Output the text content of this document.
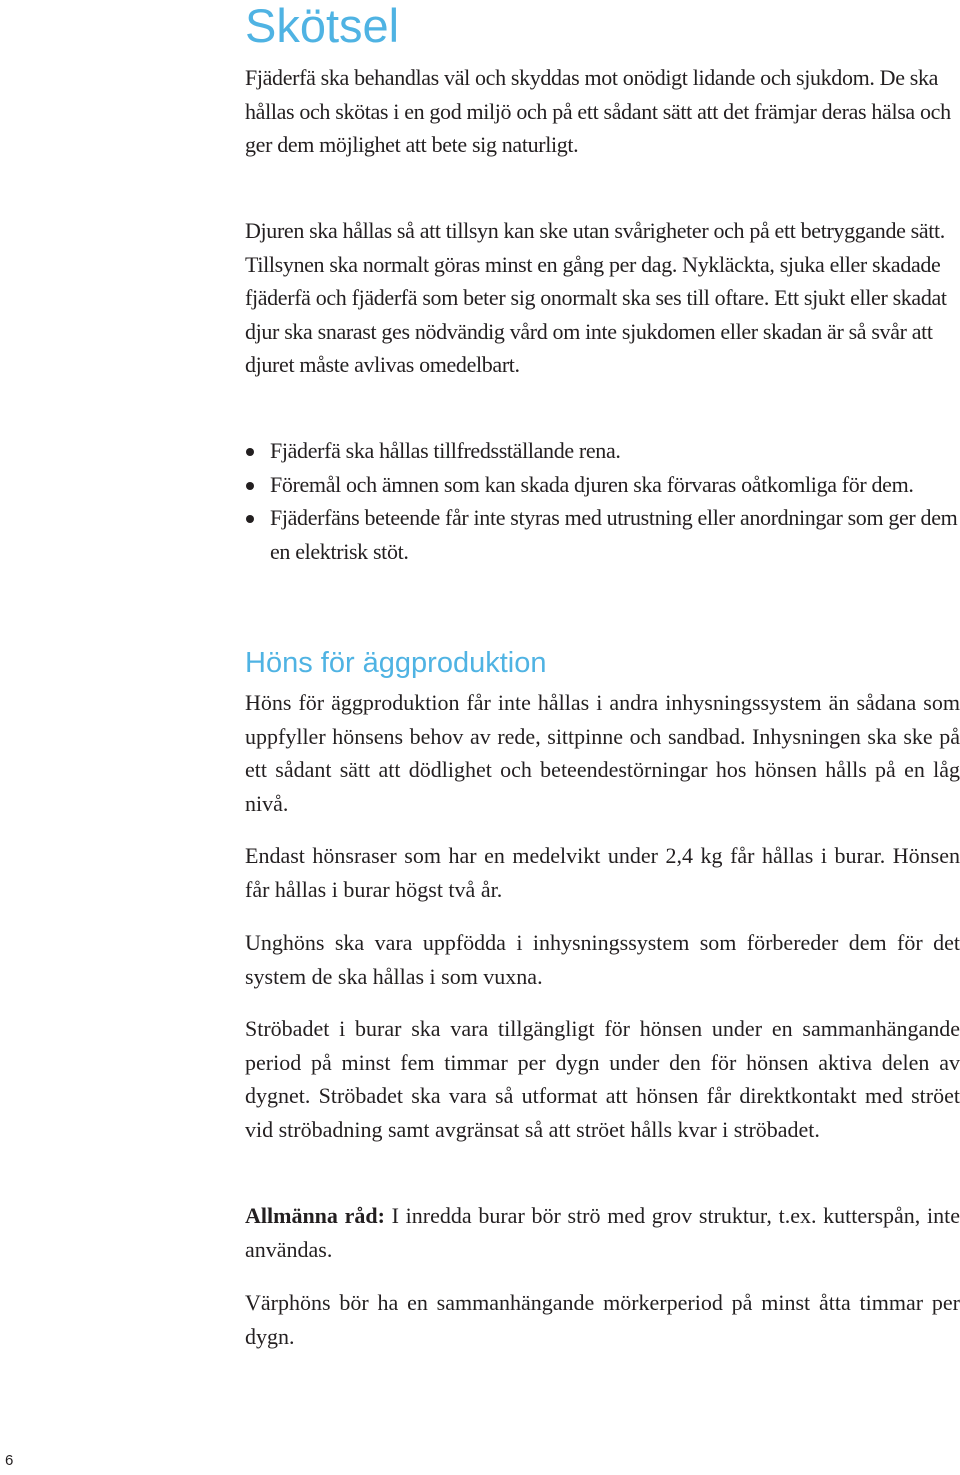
Skötsel

Fjäderfä ska behandlas väl och skyddas mot onödigt lidande och sjukdom. De ska hållas och skötas i en god miljö och på ett sådant sätt att det främjar deras hälsa och ger dem möjlighet att bete sig naturligt.

Djuren ska hållas så att tillsyn kan ske utan svårigheter och på ett betryggande sätt. Tillsynen ska normalt göras minst en gång per dag. Nykläckta, sjuka eller skadade fjäderfä och fjäderfä som beter sig onormalt ska ses till oftare. Ett sjukt eller skadat djur ska snarast ges nödvändig vård om inte sjukdomen eller skadan är så svår att djuret måste avlivas omedelbart.

Fjäderfä ska hållas tillfredsställande rena.
Föremål och ämnen som kan skada djuren ska förvaras oåtkomliga för dem.
Fjäderfäns beteende får inte styras med utrustning eller anordningar som ger dem en elektrisk stöt.
Höns för äggproduktion

Höns för äggproduktion får inte hållas i andra inhysningssystem än sådana som uppfyller hönsens behov av rede, sittpinne och sandbad. Inhysningen ska ske på ett sådant sätt att dödlighet och beteendestörningar hos hönsen hålls på en låg nivå.

Endast hönsraser som har en medelvikt under 2,4 kg får hållas i burar. Hönsen får hållas i burar högst två år.

Unghöns ska vara uppfödda i inhysningssystem som förbereder dem för det system de ska hållas i som vuxna.

Ströbadet i burar ska vara tillgängligt för hönsen under en sammanhängande period på minst fem timmar per dygn under den för hönsen aktiva delen av dygnet. Ströbadet ska vara så utformat att hönsen får direktkontakt med ströet vid ströbadning samt avgränsat så att ströet hålls kvar i ströbadet.

Allmänna råd: I inredda burar bör strö med grov struktur, t.ex. kutterspån, inte användas.

Värphöns bör ha en sammanhängande mörkerperiod på minst åtta timmar per dygn.

6
